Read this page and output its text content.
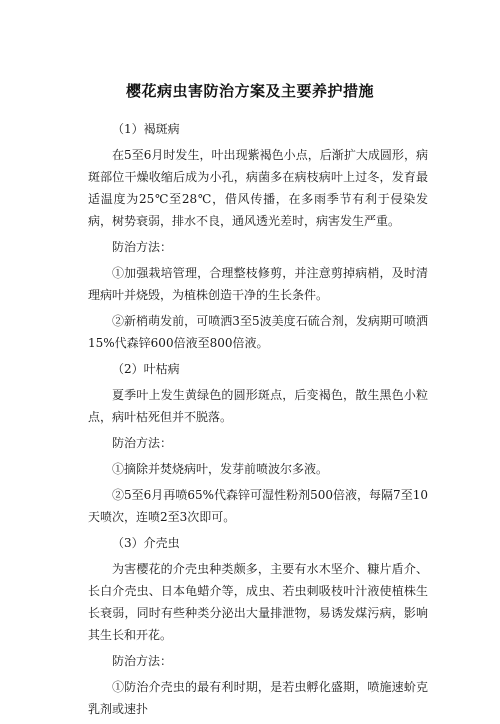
樱花病虫害防治方案及主要养护措施

（1）褐斑病

在5至6月时发生，叶出现紫褐色小点，后渐扩大成圆形，病斑部位干燥收缩后成为小孔，病菌多在病枝病叶上过冬，发育最适温度为25℃至28℃，借风传播，在多雨季节有利于侵染发病，树势衰弱，排水不良，通风透光差时，病害发生严重。

防治方法：

①加强栽培管理，合理整枝修剪，并注意剪掉病梢，及时清理病叶并烧毁，为植株创造干净的生长条件。

②新梢萌发前，可喷洒3至5波美度石硫合剂，发病期可喷洒15%代森锌600倍液至800倍液。

（2）叶枯病

夏季叶上发生黄绿色的圆形斑点，后变褐色，散生黑色小粒点，病叶枯死但并不脱落。

防治方法：

①摘除并焚烧病叶，发芽前喷波尔多液。

②5至6月再喷65%代森锌可湿性粉剂500倍液，每隔7至10天喷次，连喷2至3次即可。

（3）介壳虫

为害樱花的介壳虫种类颇多，主要有水木坚介、糠片盾介、长白介壳虫、日本龟蜡介等，成虫、若虫刺吸枝叶汁液使植株生长衰弱，同时有些种类分泌出大量排泄物，易诱发煤污病，影响其生长和开花。

防治方法：

①防治介壳虫的最有利时期，是若虫孵化盛期，喷施速蚧克乳剂或速扑
